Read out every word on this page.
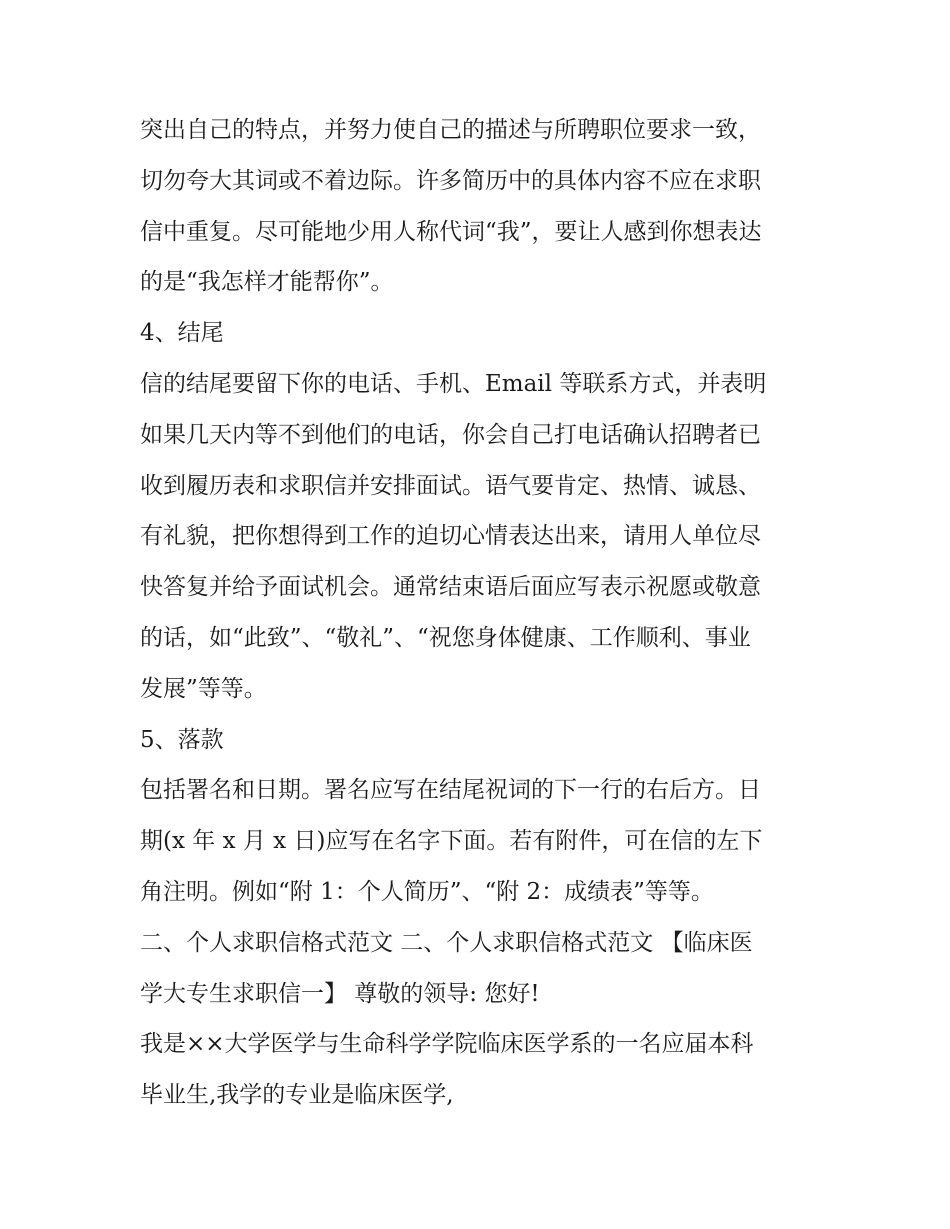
突出自己的特点，并努力使自己的描述与所聘职位要求一致，
切勿夸大其词或不着边际。许多简历中的具体内容不应在求职
信中重复。尽可能地少用人称代词“我”，要让人感到你想表达
的是“我怎样才能帮你”。
4、结尾
信的结尾要留下你的电话、手机、Email 等联系方式，并表明
如果几天内等不到他们的电话，你会自己打电话确认招聘者已
收到履历表和求职信并安排面试。语气要肯定、热情、诚恳、
有礼貌，把你想得到工作的迫切心情表达出来，请用人单位尽
快答复并给予面试机会。通常结束语后面应写表示祝愿或敬意
的话，如“此致”、“敬礼”、“祝您身体健康、工作顺利、事业
发展”等等。
5、落款
包括署名和日期。署名应写在结尾祝词的下一行的右后方。日
期(x 年 x 月 x 日)应写在名字下面。若有附件，可在信的左下
角注明。例如“附 1：个人简历”、“附 2：成绩表”等等。
二、个人求职信格式范文 二、个人求职信格式范文 【临床医
学大专生求职信一】 尊敬的领导: 您好!
我是××大学医学与生命科学学院临床医学系的一名应届本科
毕业生,我学的专业是临床医学,
